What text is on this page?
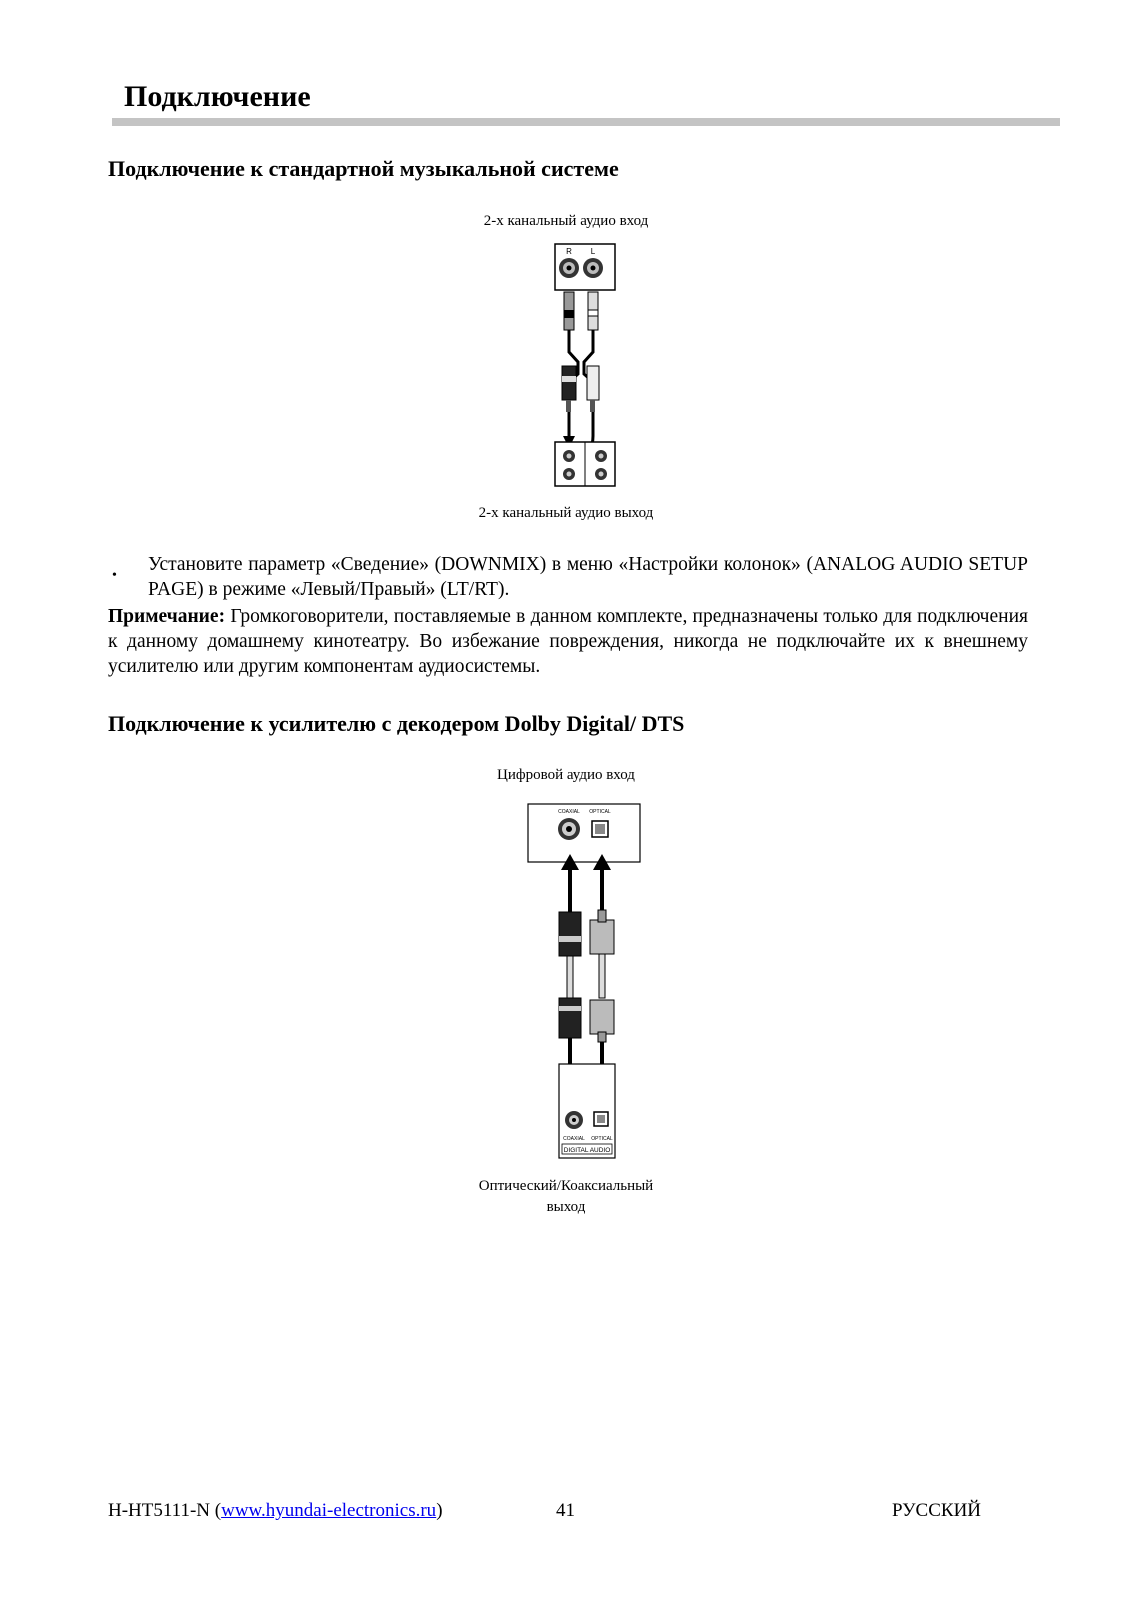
Подключение
Подключение к стандартной музыкальной системе
2-х канальный аудио вход
R L
2-х канальный аудио выход
•
Установите параметр «Сведение» (DOWNMIX) в меню «Настройки колонок» (ANALOG AUDIO SETUP PAGE) в режиме «Левый/Правый» (LT/RT).
Примечание: Громкоговорители, поставляемые в данном комплекте, предназначены только для подключения к данному домашнему кинотеатру. Во избежание повреждения, никогда не подключайте их к внешнему усилителю или другим компонентам аудиосистемы.
Подключение к усилителю с декодером Dolby Digital/ DTS
Цифровой аудио вход
COAXIAL OPTICAL
COAXIAL OPTICAL
DIGITAL AUDIO
Оптический/Коаксиальный
выход
H-HT5111-N (www.hyundai-electronics.ru)	41	РУССКИЙ
